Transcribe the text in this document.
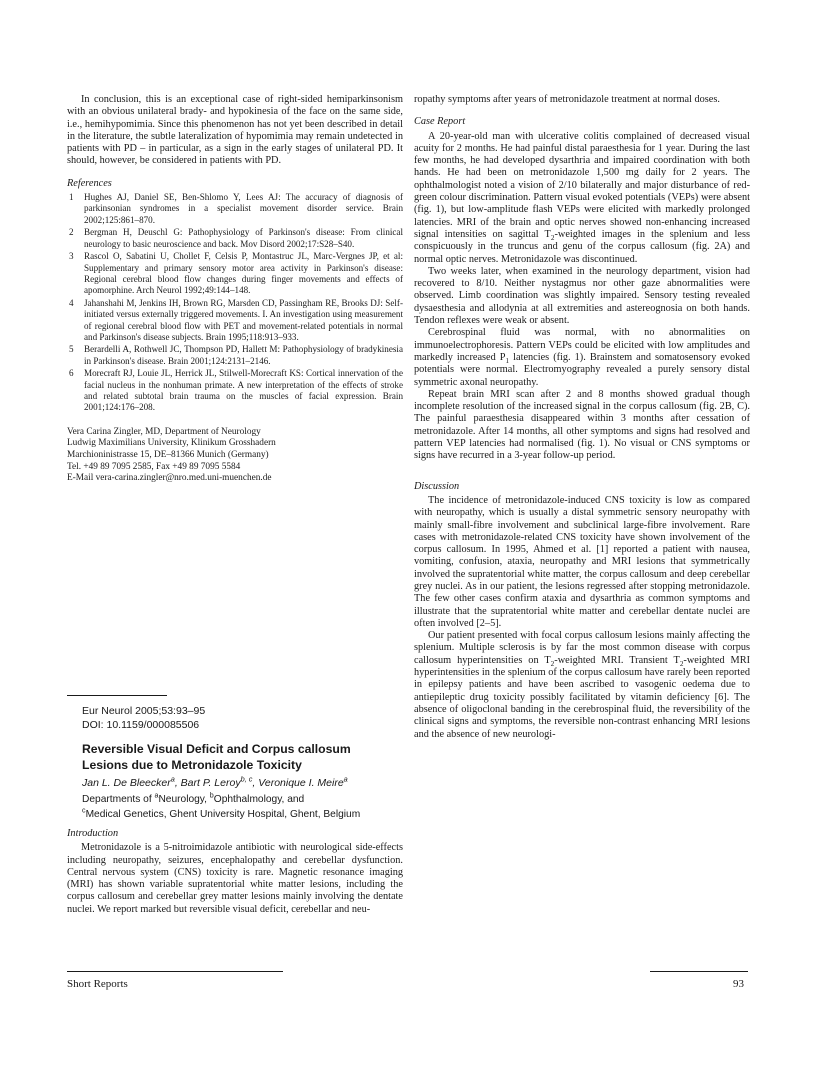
In conclusion, this is an exceptional case of right-sided hemiparkinsonism with an obvious unilateral brady- and hypokinesia of the face on the same side, i.e., hemihypomimia. Since this phenomenon has not yet been described in detail in the literature, the subtle lateralization of hypomimia may remain undetected in patients with PD – in particular, as a sign in the early stages of unilateral PD. It should, however, be considered in patients with PD.

References

1 Hughes AJ, Daniel SE, Ben-Shlomo Y, Lees AJ: The accuracy of diagnosis of parkinsonian syndromes in a specialist movement disorder service. Brain 2002;125:861–870.
2 Bergman H, Deuschl G: Pathophysiology of Parkinson's disease: From clinical neurology to basic neuroscience and back. Mov Disord 2002;17:S28–S40.
3 Rascol O, Sabatini U, Chollet F, Celsis P, Montastruc JL, Marc-Vergnes JP, et al: Supplementary and primary sensory motor area activity in Parkinson's disease: Regional cerebral blood flow changes during finger movements and effects of apomorphine. Arch Neurol 1992;49:144–148.
4 Jahanshahi M, Jenkins IH, Brown RG, Marsden CD, Passingham RE, Brooks DJ: Self-initiated versus externally triggered movements. I. An investigation using measurement of regional cerebral blood flow with PET and movement-related potentials in normal and Parkinson's disease subjects. Brain 1995;118:913–933.
5 Berardelli A, Rothwell JC, Thompson PD, Hallett M: Pathophysiology of bradykinesia in Parkinson's disease. Brain 2001;124:2131–2146.
6 Morecraft RJ, Louie JL, Herrick JL, Stilwell-Morecraft KS: Cortical innervation of the facial nucleus in the nonhuman primate. A new interpretation of the effects of stroke and related subtotal brain trauma on the muscles of facial expression. Brain 2001;124:176–208.
Vera Carina Zingler, MD, Department of Neurology
Ludwig Maximilians University, Klinikum Grosshadern
Marchioninistrasse 15, DE–81366 Munich (Germany)
Tel. +49 89 7095 2585, Fax +49 89 7095 5584
E-Mail vera-carina.zingler@nro.med.uni-muenchen.de
Eur Neurol 2005;53:93–95
DOI: 10.1159/000085506
Reversible Visual Deficit and Corpus callosum
Lesions due to Metronidazole Toxicity
Jan L. De Bleecker$^a$, Bart P. Leroy$^{b, c}$, Veronique I. Meire$^a$
Departments of $^a$Neurology, $^b$Ophthalmology, and
$^c$Medical Genetics, Ghent University Hospital, Ghent, Belgium

Introduction

Metronidazole is a 5-nitroimidazole antibiotic with neurological side-effects including neuropathy, seizures, encephalopathy and cerebellar dysfunction. Central nervous system (CNS) toxicity is rare. Magnetic resonance imaging (MRI) has shown variable supratentorial white matter lesions, including the corpus callosum and cerebellar grey matter lesions mainly involving the dentate nuclei. We report marked but reversible visual deficit, cerebellar and neu-

ropathy symptoms after years of metronidazole treatment at normal doses.

Case Report

A 20-year-old man with ulcerative colitis complained of decreased visual acuity for 2 months. He had painful distal paraesthesia for 1 year. During the last few months, he had developed dysarthria and impaired coordination with both hands. He had been on metronidazole 1,500 mg daily for 2 years. The ophthalmologist noted a vision of 2/10 bilaterally and major disturbance of red-green colour discrimination. Pattern visual evoked potentials (VEPs) were absent (fig. 1), but low-amplitude flash VEPs were elicited with markedly prolonged latencies. MRI of the brain and optic nerves showed non-enhancing increased signal intensities on sagittal $T_2$-weighted images in the splenium and less conspicuously in the truncus and genu of the corpus callosum (fig. 2A) and normal optic nerves. Metronidazole was discontinued.

Two weeks later, when examined in the neurology department, vision had recovered to 8/10. Neither nystagmus nor other gaze abnormalities were observed. Limb coordination was slightly impaired. Sensory testing revealed dysaesthesia and allodynia at all extremities and astereognosia on both hands. Tendon reflexes were weak or absent.

Cerebrospinal fluid was normal, with no abnormalities on immunoelectrophoresis. Pattern VEPs could be elicited with low amplitudes and markedly increased $P_1$ latencies (fig. 1). Brainstem and somatosensory evoked potentials were normal. Electromyography revealed a purely sensory distal symmetric axonal neuropathy.

Repeat brain MRI scan after 2 and 8 months showed gradual though incomplete resolution of the increased signal in the corpus callosum (fig. 2B, C). The painful paraesthesia disappeared within 3 months after cessation of metronidazole. After 14 months, all other symptoms and signs had resolved and pattern VEP latencies had normalised (fig. 1). No visual or CNS symptoms or signs have recurred in a 3-year follow-up period.

Discussion

The incidence of metronidazole-induced CNS toxicity is low as compared with neuropathy, which is usually a distal symmetric sensory neuropathy with mainly small-fibre involvement and subclinical large-fibre involvement. Rare cases with metronidazole-related CNS toxicity have shown involvement of the corpus callosum. In 1995, Ahmed et al. [1] reported a patient with nausea, vomiting, confusion, ataxia, neuropathy and MRI lesions that symmetrically involved the supratentorial white matter, the corpus callosum and deep cerebellar grey nuclei. As in our patient, the lesions regressed after stopping metronidazole. The few other cases confirm ataxia and dysarthria as common symptoms and illustrate that the supratentorial white matter and cerebellar dentate nuclei are often involved [2–5].

Our patient presented with focal corpus callosum lesions mainly affecting the splenium. Multiple sclerosis is by far the most common disease with corpus callosum hyperintensities on $T_2$-weighted MRI. Transient $T_2$-weighted MRI hyperintensities in the splenium of the corpus callosum have rarely been reported in epilepsy patients and have been ascribed to vasogenic oedema due to antiepileptic drug toxicity possibly facilitated by vitamin deficiency [6]. The absence of oligoclonal banding in the cerebrospinal fluid, the reversibility of the clinical signs and symptoms, the reversible non-contrast enhancing MRI lesions and the absence of new neurologi-

Short Reports	93
